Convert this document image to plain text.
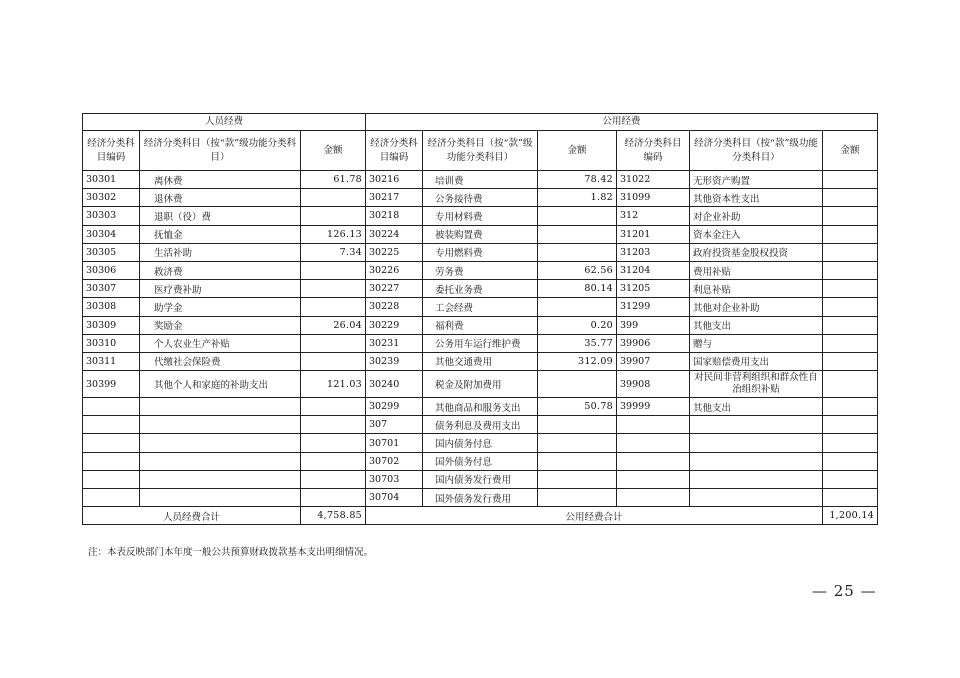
人员经费			公用经费					
经济分类科目编码	经济分类科目（按“款”级功能分类科目）	金额	经济分类科目编码	经济分类科目（按“款”级功能分类科目）	金额	经济分类科目编码	经济分类科目（按“款”级功能分类科目）	金额
30301	离休费	61.78	30216	培训费	78.42	31022	无形资产购置	
30302	退休费		30217	公务接待费	1.82	31099	其他资本性支出	
30303	退职（役）费		30218	专用材料费		312	对企业补助	
30304	抚恤金	126.13	30224	被装购置费		31201	资本金注入	
30305	生活补助	7.34	30225	专用燃料费		31203	政府投资基金股权投资	
30306	救济费		30226	劳务费	62.56	31204	费用补贴	
30307	医疗费补助		30227	委托业务费	80.14	31205	利息补贴	
30308	助学金		30228	工会经费		31299	其他对企业补助	
30309	奖励金	26.04	30229	福利费	0.20	399	其他支出	
30310	个人农业生产补贴		30231	公务用车运行维护费	35.77	39906	赠与	
30311	代缴社会保险费		30239	其他交通费用	312.09	39907	国家赔偿费用支出	
30399	其他个人和家庭的补助支出	121.03	30240	税金及附加费用		39908	对民间非营利组织和群众性自治组织补贴	
			30299	其他商品和服务支出	50.78	39999	其他支出	
			307	债务利息及费用支出				
			30701	国内债务付息				
			30702	国外债务付息				
			30703	国内债务发行费用				
			30704	国外债务发行费用				
人员经费合计		4,758.85	公用经费合计					1,200.14
注：本表反映部门本年度一般公共预算财政拨款基本支出明细情况。
— 25 —
